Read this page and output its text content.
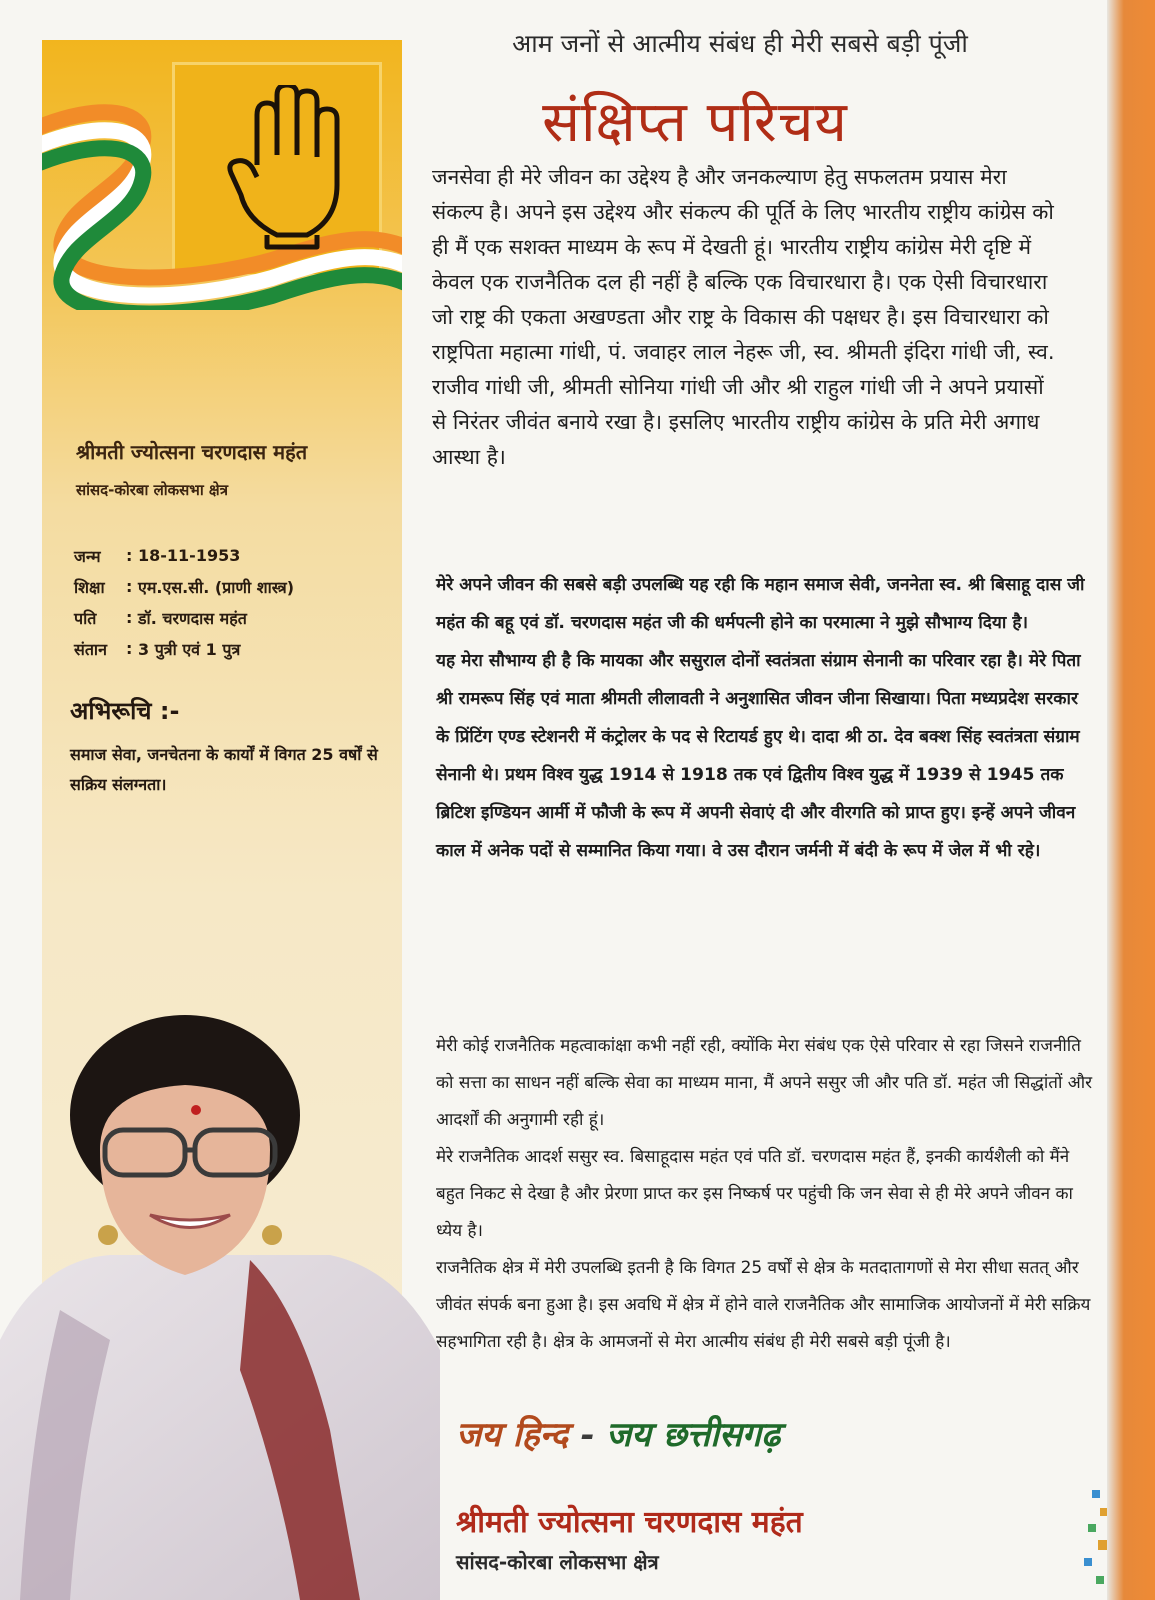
श्रीमती ज्योत्सना चरणदास महंत
सांसद-कोरबा लोकसभा क्षेत्र
जन्म	: 18-11-1953
शिक्षा	: एम.एस.सी. (प्राणी शास्त्र)
पति	: डॉ. चरणदास महंत
संतान	: 3 पुत्री एवं 1 पुत्र
अभिरूचि :-
समाज सेवा, जनचेतना के कार्यों में विगत 25 वर्षों से सक्रिय संलग्नता।
आम जनों से आत्मीय संबंध ही मेरी सबसे बड़ी पूंजी
संक्षिप्त परिचय
जनसेवा ही मेरे जीवन का उद्देश्य है और जनकल्याण हेतु सफलतम प्रयास मेरा संकल्प है। अपने इस उद्देश्य और संकल्प की पूर्ति के लिए भारतीय राष्ट्रीय कांग्रेस को ही मैं एक सशक्त माध्यम के रूप में देखती हूं। भारतीय राष्ट्रीय कांग्रेस मेरी दृष्टि में केवल एक राजनैतिक दल ही नहीं है बल्कि एक विचारधारा है। एक ऐसी विचारधारा जो राष्ट्र की एकता अखण्डता और राष्ट्र के विकास की पक्षधर है। इस विचारधारा को राष्ट्रपिता महात्मा गांधी, पं. जवाहर लाल नेहरू जी, स्व. श्रीमती इंदिरा गांधी जी, स्व. राजीव गांधी जी, श्रीमती सोनिया गांधी जी और श्री राहुल गांधी जी ने अपने प्रयासों से निरंतर जीवंत बनाये रखा है। इसलिए भारतीय राष्ट्रीय कांग्रेस के प्रति मेरी अगाध आस्था है।

मेरे अपने जीवन की सबसे बड़ी उपलब्धि यह रही कि महान समाज सेवी, जननेता स्व. श्री बिसाहू दास जी महंत की बहू एवं डॉ. चरणदास महंत जी की धर्मपत्नी होने का परमात्मा ने मुझे सौभाग्य दिया है।

यह मेरा सौभाग्य ही है कि मायका और ससुराल दोनों स्वतंत्रता संग्राम सेनानी का परिवार रहा है। मेरे पिता श्री रामरूप सिंह एवं माता श्रीमती लीलावती ने अनुशासित जीवन जीना सिखाया। पिता मध्यप्रदेश सरकार के प्रिंटिंग एण्ड स्टेशनरी में कंट्रोलर के पद से रिटायर्ड हुए थे। दादा श्री ठा. देव बक्श सिंह स्वतंत्रता संग्राम सेनानी थे। प्रथम विश्व युद्ध 1914 से 1918 तक एवं द्वितीय विश्व युद्ध में 1939 से 1945 तक ब्रिटिश इण्डियन आर्मी में फौजी के रूप में अपनी सेवाएं दी और वीरगति को प्राप्त हुए। इन्हें अपने जीवन काल में अनेक पदों से सम्मानित किया गया। वे उस दौरान जर्मनी में बंदी के रूप में जेल में भी रहे।

मेरी कोई राजनैतिक महत्वाकांक्षा कभी नहीं रही, क्योंकि मेरा संबंध एक ऐसे परिवार से रहा जिसने राजनीति को सत्ता का साधन नहीं बल्कि सेवा का माध्यम माना, मैं अपने ससुर जी और पति डॉ. महंत जी सिद्धांतों और आदर्शों की अनुगामी रही हूं।

मेरे राजनैतिक आदर्श ससुर स्व. बिसाहूदास महंत एवं पति डॉ. चरणदास महंत हैं, इनकी कार्यशैली को मैंने बहुत निकट से देखा है और प्रेरणा प्राप्त कर इस निष्कर्ष पर पहुंची कि जन सेवा से ही मेरे अपने जीवन का ध्येय है।

राजनैतिक क्षेत्र में मेरी उपलब्धि इतनी है कि विगत 25 वर्षों से क्षेत्र के मतदातागणों से मेरा सीधा सतत् और जीवंत संपर्क बना हुआ है। इस अवधि में क्षेत्र में होने वाले राजनैतिक और सामाजिक आयोजनों में मेरी सक्रिय सहभागिता रही है। क्षेत्र के आमजनों से मेरा आत्मीय संबंध ही मेरी सबसे बड़ी पूंजी है।

जय हिन्द - जय छत्तीसगढ़
श्रीमती ज्योत्सना चरणदास महंत
सांसद-कोरबा लोकसभा क्षेत्र
